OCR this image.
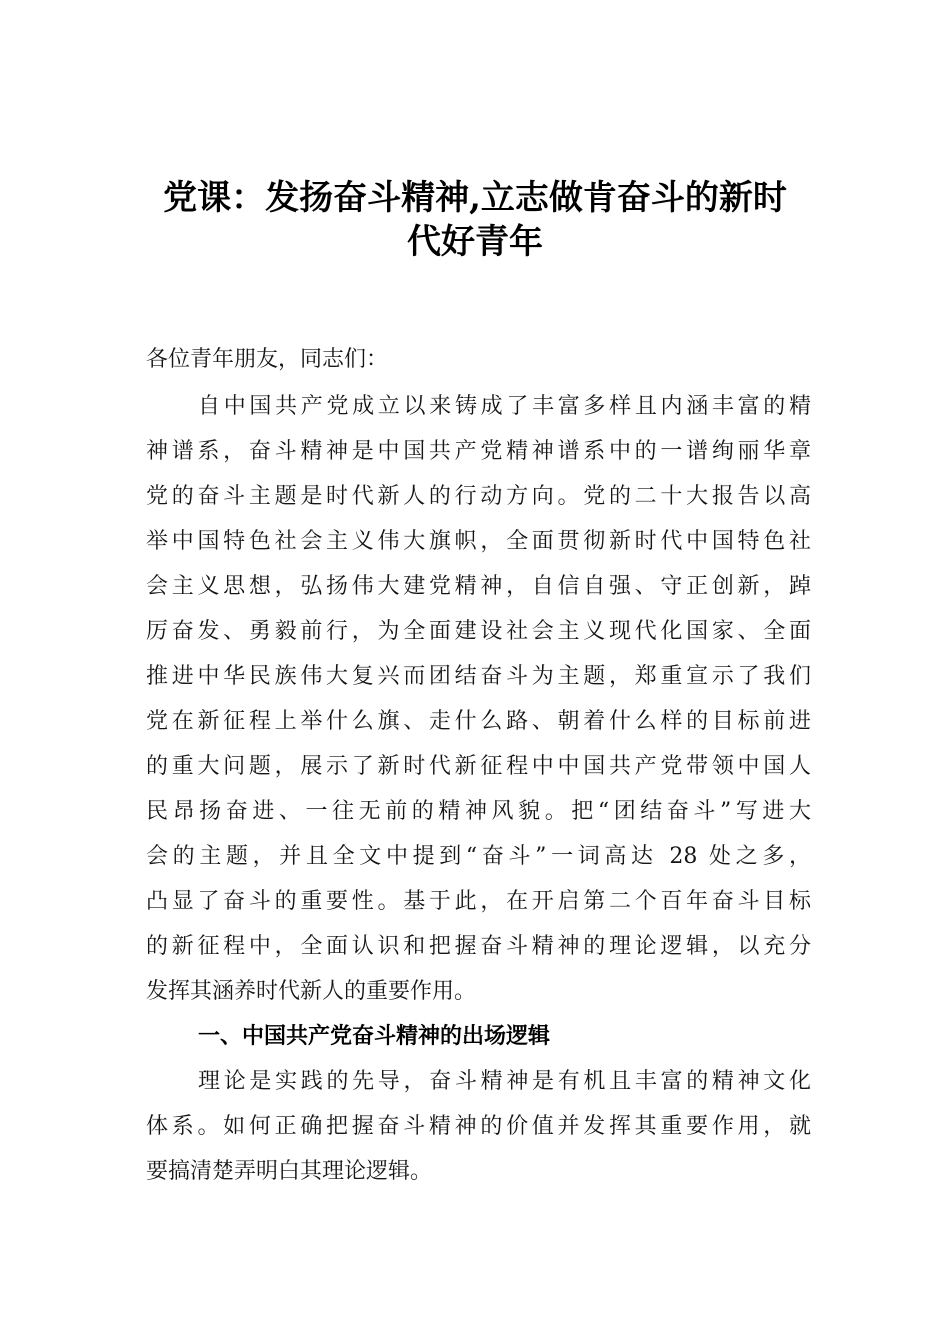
党课：发扬奋斗精神,立志做肯奋斗的新时
代好青年
各位青年朋友，同志们：
自中国共产党成立以来铸成了丰富多样且内涵丰富的精
神谱系，奋斗精神是中国共产党精神谱系中的一谱绚丽华章
党的奋斗主题是时代新人的行动方向。党的二十大报告以高
举中国特色社会主义伟大旗帜，全面贯彻新时代中国特色社
会主义思想，弘扬伟大建党精神，自信自强、守正创新，踔
厉奋发、勇毅前行，为全面建设社会主义现代化国家、全面
推进中华民族伟大复兴而团结奋斗为主题，郑重宣示了我们
党在新征程上举什么旗、走什么路、朝着什么样的目标前进
的重大问题，展示了新时代新征程中中国共产党带领中国人
民昂扬奋进、一往无前的精神风貌。把“团结奋斗”写进大
会的主题，并且全文中提到“奋斗”一词高达 28 处之多，
凸显了奋斗的重要性。基于此，在开启第二个百年奋斗目标
的新征程中，全面认识和把握奋斗精神的理论逻辑，以充分
发挥其涵养时代新人的重要作用。
一、中国共产党奋斗精神的出场逻辑
理论是实践的先导，奋斗精神是有机且丰富的精神文化
体系。如何正确把握奋斗精神的价值并发挥其重要作用，就
要搞清楚弄明白其理论逻辑。
